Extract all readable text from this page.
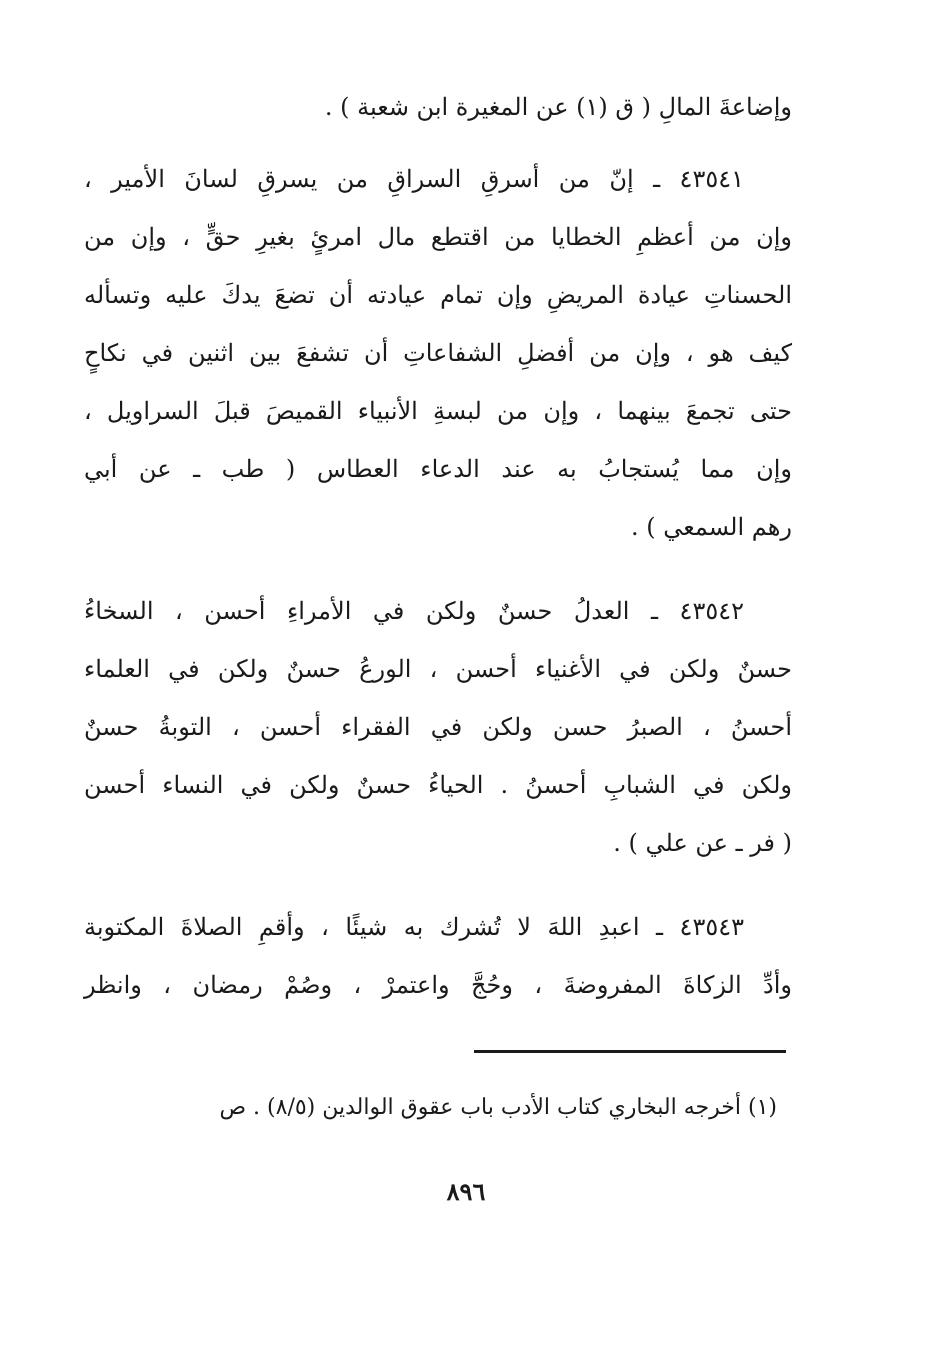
وإضاعةَ المالِ ( ق (١) عن المغيرة ابن شعبة ) .
٤٣٥٤١ ـ إنّ من أسرقِ السراقِ من يسرقِ لسانَ الأمير ،
وإن من أعظمِ الخطايا من اقتطع مال امرئٍ بغيرِ حقٍّ ، وإن من
الحسناتِ عيادة المريضِ وإن تمام عيادته أن تضعَ يدكَ عليه وتسأله
كيف هو ، وإن من أفضلِ الشفاعاتِ أن تشفعَ بين اثنين في نكاحٍ
حتى تجمعَ بينهما ، وإن من لبسةِ الأنبياء القميصَ قبلَ السراويل ،
وإن مما يُستجابُ به عند الدعاء العطاس ( طب ـ عن أبي
رهم السمعي ) .
٤٣٥٤٢ ـ العدلُ حسنٌ ولكن في الأمراءِ أحسن ، السخاءُ
حسنٌ ولكن في الأغنياء أحسن ، الورعُ حسنٌ ولكن في العلماء
أحسنُ ، الصبرُ حسن ولكن في الفقراء أحسن ، التوبةُ حسنٌ
ولكن في الشبابِ أحسنُ . الحياءُ حسنٌ ولكن في النساء أحسن
( فر ـ عن علي ) .
٤٣٥٤٣ ـ اعبدِ اللهَ لا تُشرك به شيئًا ، وأقمِ الصلاةَ المكتوبة
وأدِّ الزكاةَ المفروضةَ ، وحُجَّ واعتمرْ ، وصُمْ رمضان ، وانظر
(١) أخرجه البخاري كتاب الأدب باب عقوق الوالدين (٨/٥) . ص
٨٩٦
